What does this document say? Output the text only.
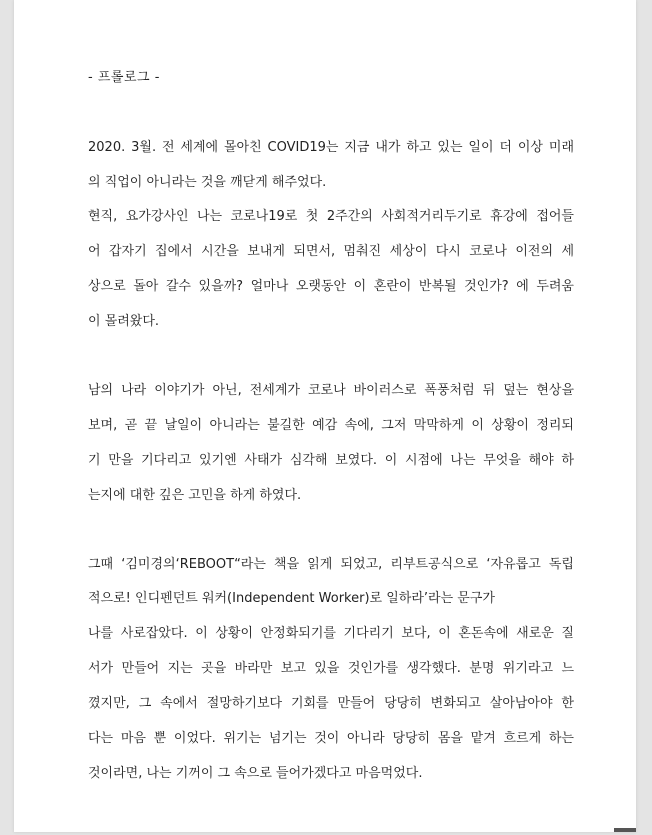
- 프롤로그 -
2020. 3월. 전 세계에 몰아친 COVID19는 지금 내가 하고 있는 일이 더 이상 미래
의 직업이 아니라는 것을 깨닫게 해주었다.
현직, 요가강사인 나는 코로나19로 첫 2주간의 사회적거리두기로 휴강에 접어들
어 갑자기 집에서 시간을 보내게 되면서, 멈춰진 세상이 다시 코로나 이전의 세
상으로 돌아 갈수 있을까? 얼마나 오랫동안 이 혼란이 반복될 것인가? 에 두려움
이 몰려왔다.
남의 나라 이야기가 아닌, 전세계가 코로나 바이러스로 폭풍처럼 뒤 덮는 현상을
보며, 곧 끝 날일이 아니라는 불길한 예감 속에, 그저 막막하게 이 상황이 정리되
기 만을 기다리고 있기엔 사태가 심각해 보였다. 이 시점에 나는 무엇을 해야 하
는지에 대한 깊은 고민을 하게 하였다.
그때 ‘김미경의‘REBOOT“라는 책을 읽게 되었고, 리부트공식으로 ‘자유롭고 독립
적으로! 인디펜던트 워커(Independent Worker)로 일하라’라는 문구가
나를 사로잡았다. 이 상황이 안정화되기를 기다리기 보다, 이 혼돈속에 새로운 질
서가 만들어 지는 곳을 바라만 보고 있을 것인가를 생각했다. 분명 위기라고 느
꼈지만, 그 속에서 절망하기보다 기회를 만들어 당당히 변화되고 살아남아야 한
다는 마음 뿐 이었다. 위기는 넘기는 것이 아니라 당당히 몸을 맡겨 흐르게 하는
것이라면, 나는 기꺼이 그 속으로 들어가겠다고 마음먹었다.
